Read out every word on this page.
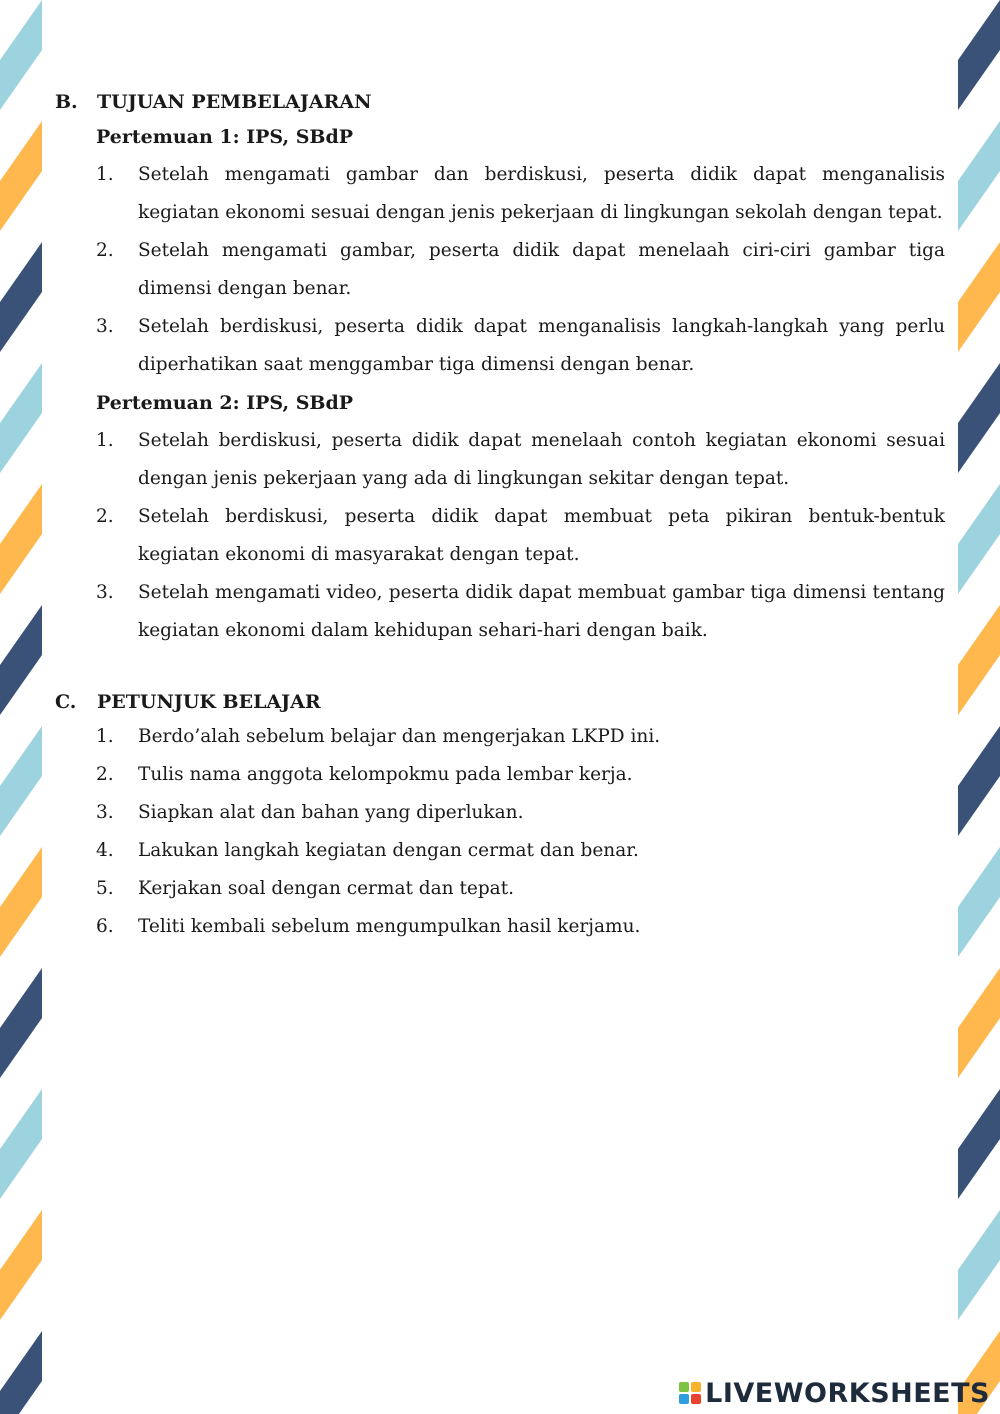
B.	TUJUAN PEMBELAJARAN
Pertemuan 1: IPS, SBdP
1.	Setelah mengamati gambar dan berdiskusi, peserta didik dapat menganalisis kegiatan ekonomi sesuai dengan jenis pekerjaan di lingkungan sekolah dengan tepat.
2.	Setelah mengamati gambar, peserta didik dapat menelaah ciri-ciri gambar tiga dimensi dengan benar.
3.	Setelah berdiskusi, peserta didik dapat menganalisis langkah-langkah yang perlu diperhatikan saat menggambar tiga dimensi dengan benar.
Pertemuan 2: IPS, SBdP
1.	Setelah berdiskusi, peserta didik dapat menelaah contoh kegiatan ekonomi sesuai dengan jenis pekerjaan yang ada di lingkungan sekitar dengan tepat.
2.	Setelah berdiskusi, peserta didik dapat membuat peta pikiran bentuk-bentuk kegiatan ekonomi di masyarakat dengan tepat.
3.	Setelah mengamati video, peserta didik dapat membuat gambar tiga dimensi tentang kegiatan ekonomi dalam kehidupan sehari-hari dengan baik.
C.	PETUNJUK BELAJAR
1.	Berdo’alah sebelum belajar dan mengerjakan LKPD ini.
2.	Tulis nama anggota kelompokmu pada lembar kerja.
3.	Siapkan alat dan bahan yang diperlukan.
4.	Lakukan langkah kegiatan dengan cermat dan benar.
5.	Kerjakan soal dengan cermat dan tepat.
6.	Teliti kembali sebelum mengumpulkan hasil kerjamu.
LIVEWORKSHEETS
